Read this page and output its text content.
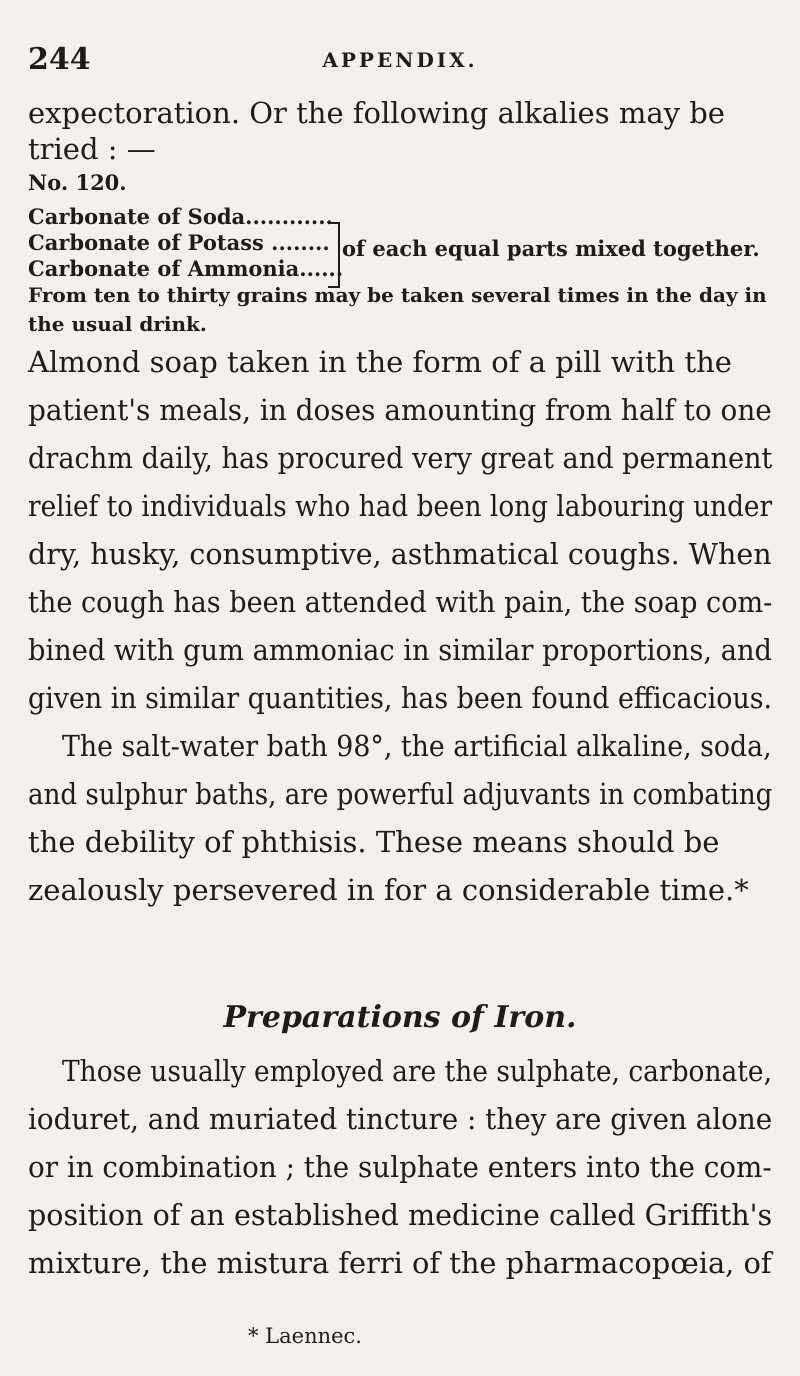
244	APPENDIX.
expectoration. Or the following alkalies may be
tried : —
No. 120.
Carbonate of Soda............
Carbonate of Potass ........
Carbonate of Ammonia......
of each equal parts mixed together.
From ten to thirty grains may be taken several times in the day in
the usual drink.
Almond soap taken in the form of a pill with the
patient's meals, in doses amounting from half to one
drachm daily, has procured very great and permanent
relief to individuals who had been long labouring under
dry, husky, consumptive, asthmatical coughs. When
the cough has been attended with pain, the soap com-
bined with gum ammoniac in similar proportions, and
given in similar quantities, has been found efficacious.
The salt-water bath 98°, the artificial alkaline, soda,
and sulphur baths, are powerful adjuvants in combating
the debility of phthisis. These means should be
zealously persevered in for a considerable time.*
Preparations of Iron.
Those usually employed are the sulphate, carbonate,
ioduret, and muriated tincture : they are given alone
or in combination ; the sulphate enters into the com-
position of an established medicine called Griffith's
mixture, the mistura ferri of the pharmacopœia, of
* Laennec.
